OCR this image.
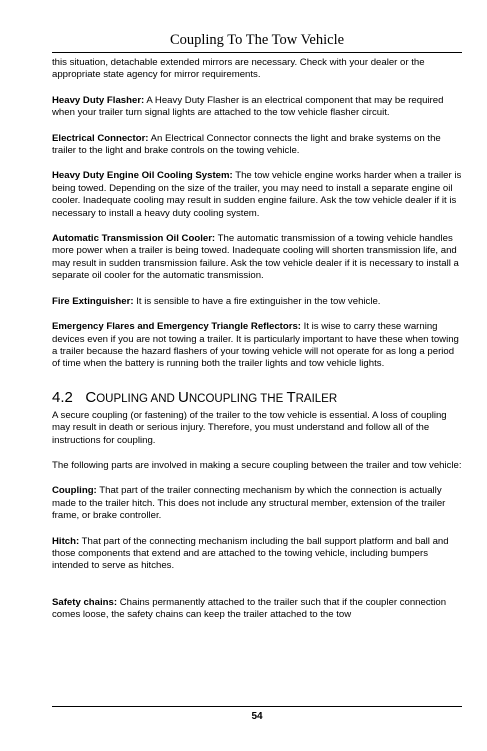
Coupling To The Tow Vehicle

this situation, detachable extended mirrors are necessary. Check with your dealer or the appropriate state agency for mirror requirements.

Heavy Duty Flasher: A Heavy Duty Flasher is an electrical component that may be required when your trailer turn signal lights are attached to the tow vehicle flasher circuit.

Electrical Connector: An Electrical Connector connects the light and brake systems on the trailer to the light and brake controls on the towing vehicle.

Heavy Duty Engine Oil Cooling System: The tow vehicle engine works harder when a trailer is being towed. Depending on the size of the trailer, you may need to install a separate engine oil cooler. Inadequate cooling may result in sudden engine failure. Ask the tow vehicle dealer if it is necessary to install a heavy duty cooling system.

Automatic Transmission Oil Cooler: The automatic transmission of a towing vehicle handles more power when a trailer is being towed. Inadequate cooling will shorten transmission life, and may result in sudden transmission failure. Ask the tow vehicle dealer if it is necessary to install a separate oil cooler for the automatic transmission.

Fire Extinguisher: It is sensible to have a fire extinguisher in the tow vehicle.

Emergency Flares and Emergency Triangle Reflectors: It is wise to carry these warning devices even if you are not towing a trailer. It is particularly important to have these when towing a trailer because the hazard flashers of your towing vehicle will not operate for as long a period of time when the battery is running both the trailer lights and tow vehicle lights.

4.2 COUPLING AND UNCOUPLING THE TRAILER

A secure coupling (or fastening) of the trailer to the tow vehicle is essential. A loss of coupling may result in death or serious injury. Therefore, you must understand and follow all of the instructions for coupling.

The following parts are involved in making a secure coupling between the trailer and tow vehicle:

Coupling: That part of the trailer connecting mechanism by which the connection is actually made to the trailer hitch. This does not include any structural member, extension of the trailer frame, or brake controller.

Hitch: That part of the connecting mechanism including the ball support platform and ball and those components that extend and are attached to the towing vehicle, including bumpers intended to serve as hitches.

Safety chains: Chains permanently attached to the trailer such that if the coupler connection comes loose, the safety chains can keep the trailer attached to the tow

54
